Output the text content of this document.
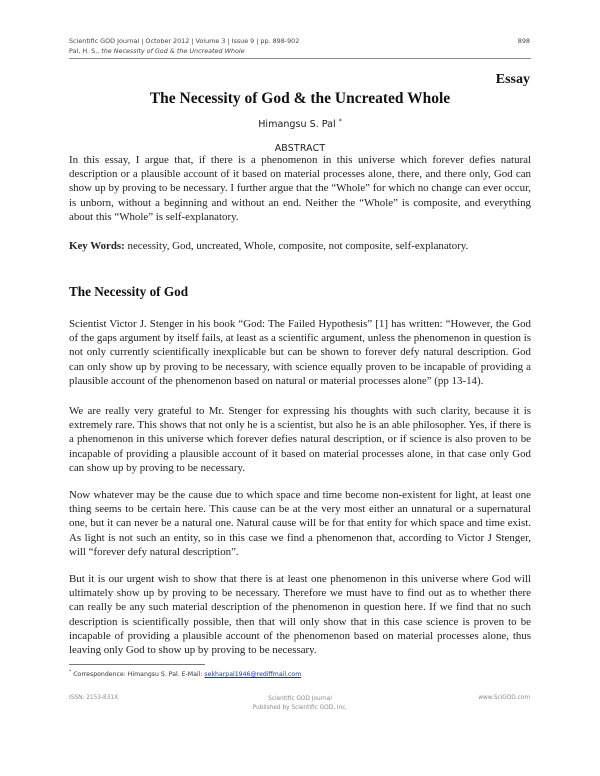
Scientific GOD Journal | October 2012 | Volume 3 | Issue 9 | pp. 898-902
Pal, H. S., the Necessity of God & the Uncreated Whole
898
Essay
The Necessity of God & the Uncreated Whole
Himangsu S. Pal *
ABSTRACT

In this essay, I argue that, if there is a phenomenon in this universe which forever defies natural description or a plausible account of it based on material processes alone, there, and there only, God can show up by proving to be necessary. I further argue that the “Whole” for which no change can ever occur, is unborn, without a beginning and without an end. Neither the “Whole” is composite, and everything about this “Whole” is self-explanatory.

Key Words: necessity, God, uncreated, Whole, composite, not composite, self-explanatory.

The Necessity of God

Scientist Victor J. Stenger in his book “God: The Failed Hypothesis” [1] has written: “However, the God of the gaps argument by itself fails, at least as a scientific argument, unless the phenomenon in question is not only currently scientifically inexplicable but can be shown to forever defy natural description. God can only show up by proving to be necessary, with science equally proven to be incapable of providing a plausible account of the phenomenon based on natural or material processes alone” (pp 13-14).

We are really very grateful to Mr. Stenger for expressing his thoughts with such clarity, because it is extremely rare. This shows that not only he is a scientist, but also he is an able philosopher. Yes, if there is a phenomenon in this universe which forever defies natural description, or if science is also proven to be incapable of providing a plausible account of it based on material processes alone, in that case only God can show up by proving to be necessary.

Now whatever may be the cause due to which space and time become non-existent for light, at least one thing seems to be certain here. This cause can be at the very most either an unnatural or a supernatural one, but it can never be a natural one. Natural cause will be for that entity for which space and time exist. As light is not such an entity, so in this case we find a phenomenon that, according to Victor J Stenger, will “forever defy natural description”.

But it is our urgent wish to show that there is at least one phenomenon in this universe where God will ultimately show up by proving to be necessary. Therefore we must have to find out as to whether there can really be any such material description of the phenomenon in question here. If we find that no such description is scientifically possible, then that will only show that in this case science is proven to be incapable of providing a plausible account of the phenomenon based on material processes alone, thus leaving only God to show up by proving to be necessary.

* Correspondence: Himangsu S. Pal. E-Mail: sekharpal1946@rediffmail.com
ISSN: 2153-831X	Scientific GOD Journal
Published by Scientific GOD, Inc.
www.SciGOD.com
